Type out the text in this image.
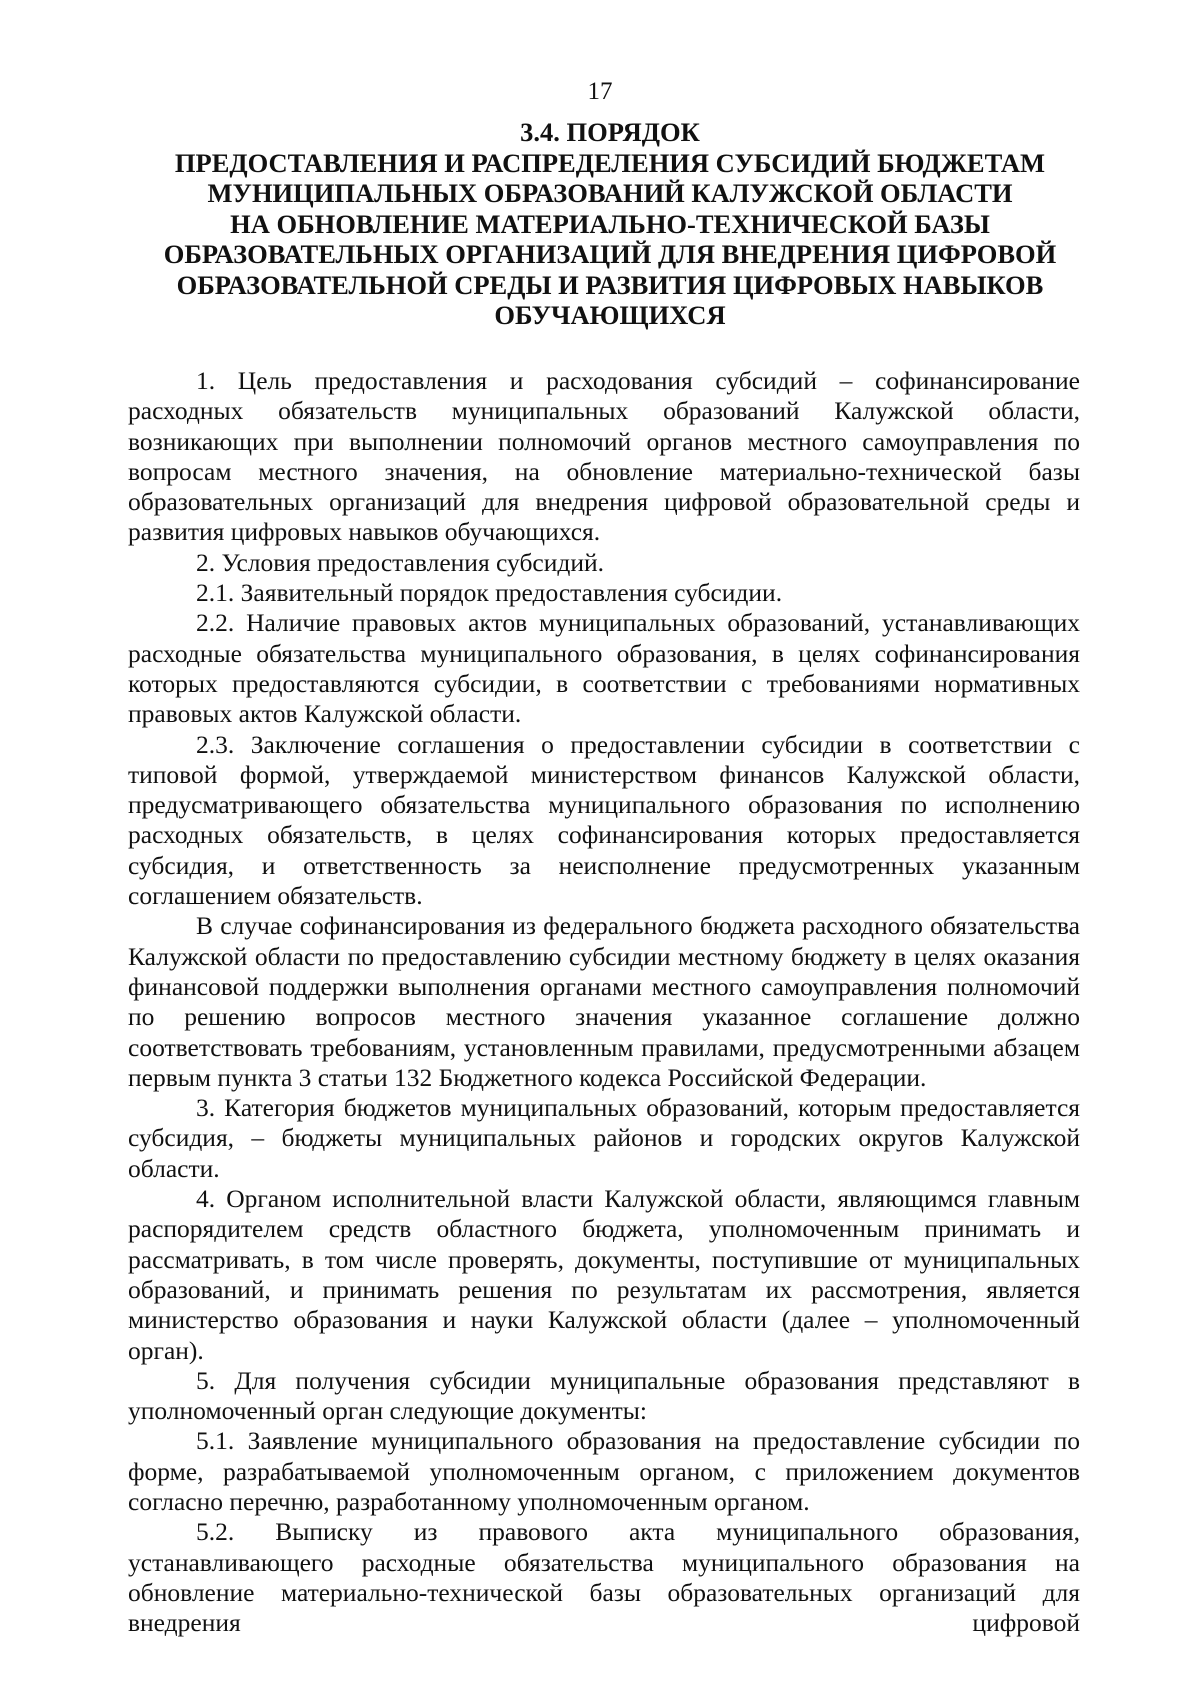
17
3.4. ПОРЯДОК
ПРЕДОСТАВЛЕНИЯ И РАСПРЕДЕЛЕНИЯ СУБСИДИЙ БЮДЖЕТАМ
МУНИЦИПАЛЬНЫХ ОБРАЗОВАНИЙ КАЛУЖСКОЙ ОБЛАСТИ
НА ОБНОВЛЕНИЕ МАТЕРИАЛЬНО-ТЕХНИЧЕСКОЙ БАЗЫ
ОБРАЗОВАТЕЛЬНЫХ ОРГАНИЗАЦИЙ ДЛЯ ВНЕДРЕНИЯ ЦИФРОВОЙ
ОБРАЗОВАТЕЛЬНОЙ СРЕДЫ И РАЗВИТИЯ ЦИФРОВЫХ НАВЫКОВ
ОБУЧАЮЩИХСЯ

1. Цель предоставления и расходования субсидий – софинансирование расходных обязательств муниципальных образований Калужской области, возникающих при выполнении полномочий органов местного самоуправления по вопросам местного значения, на обновление материально-технической базы образовательных организаций для внедрения цифровой образовательной среды и развития цифровых навыков обучающихся.

2. Условия предоставления субсидий.

2.1. Заявительный порядок предоставления субсидии.

2.2. Наличие правовых актов муниципальных образований, устанавливающих расходные обязательства муниципального образования, в целях софинансирования которых предоставляются субсидии, в соответствии с требованиями нормативных правовых актов Калужской области.

2.3. Заключение соглашения о предоставлении субсидии в соответствии с типовой формой, утверждаемой министерством финансов Калужской области, предусматривающего обязательства муниципального образования по исполнению расходных обязательств, в целях софинансирования которых предоставляется субсидия, и ответственность за неисполнение предусмотренных указанным соглашением обязательств.

В случае софинансирования из федерального бюджета расходного обязательства Калужской области по предоставлению субсидии местному бюджету в целях оказания финансовой поддержки выполнения органами местного самоуправления полномочий по решению вопросов местного значения указанное соглашение должно соответствовать требованиям, установленным правилами, предусмотренными абзацем первым пункта 3 статьи 132 Бюджетного кодекса Российской Федерации.

3. Категория бюджетов муниципальных образований, которым предоставляется субсидия, – бюджеты муниципальных районов и городских округов Калужской области.

4. Органом исполнительной власти Калужской области, являющимся главным распорядителем средств областного бюджета, уполномоченным принимать и рассматривать, в том числе проверять, документы, поступившие от муниципальных образований, и принимать решения по результатам их рассмотрения, является министерство образования и науки Калужской области (далее – уполномоченный орган).

5. Для получения субсидии муниципальные образования представляют в уполномоченный орган следующие документы:

5.1. Заявление муниципального образования на предоставление субсидии по форме, разрабатываемой уполномоченным органом, с приложением документов согласно перечню, разработанному уполномоченным органом.

5.2. Выписку из правового акта муниципального образования, устанавливающего расходные обязательства муниципального образования на обновление материально-технической базы образовательных организаций для внедрения цифровой
